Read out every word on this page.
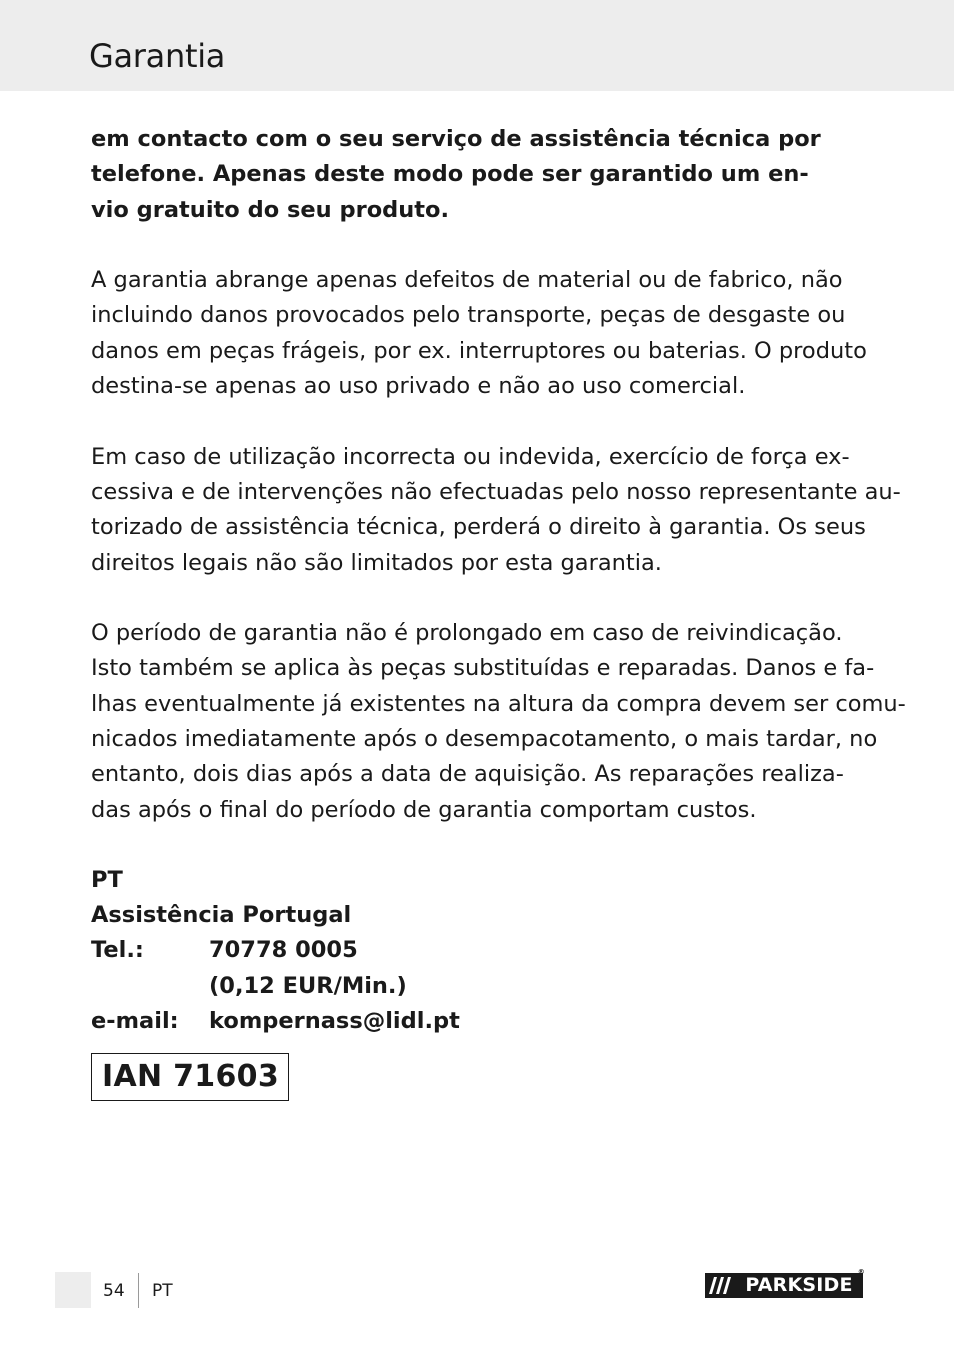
Garantia
em contacto com o seu serviço de assistência técnica por
telefone. Apenas deste modo pode ser garantido um en-
vio gratuito do seu produto.
A garantia abrange apenas defeitos de material ou de fabrico, não
incluindo danos provocados pelo transporte, peças de desgaste ou
danos em peças frágeis, por ex. interruptores ou baterias. O produto
destina-se apenas ao uso privado e não ao uso comercial.
Em caso de utilização incorrecta ou indevida, exercício de força ex-
cessiva e de intervenções não efectuadas pelo nosso representante au-
torizado de assistência técnica, perderá o direito à garantia. Os seus
direitos legais não são limitados por esta garantia.
O período de garantia não é prolongado em caso de reivindicação.
Isto também se aplica às peças substituídas e reparadas. Danos e fa-
lhas eventualmente já existentes na altura da compra devem ser comu-
nicados imediatamente após o desempacotamento, o mais tardar, no
entanto, dois dias após a data de aquisição. As reparações realiza-
das após o final do período de garantia comportam custos.
PT
Assistência Portugal
Tel.:	70778 0005
(0,12 EUR/Min.)
e-mail:	kompernass@lidl.pt
IAN 71603
54 PT	PARKSIDE
®
